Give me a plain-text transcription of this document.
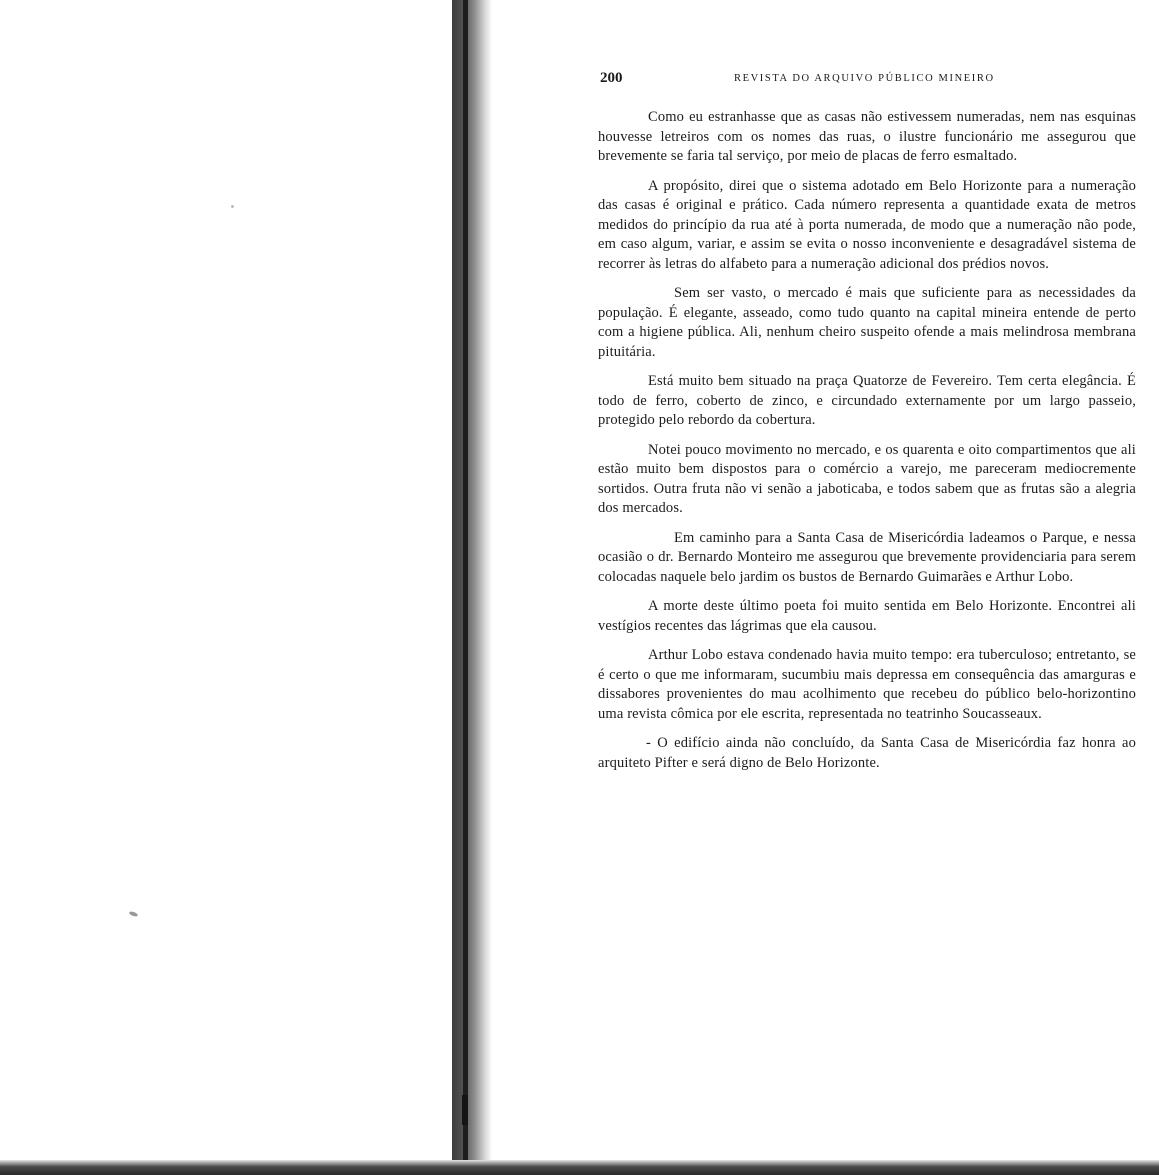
200	REVISTA DO ARQUIVO PÚBLICO MINEIRO

Como eu estranhasse que as casas não estivessem numeradas, nem nas esquinas houvesse letreiros com os nomes das ruas, o ilustre funcionário me assegurou que brevemente se faria tal serviço, por meio de placas de ferro esmaltado.

A propósito, direi que o sistema adotado em Belo Horizonte para a numeração das casas é original e prático. Cada número representa a quantidade exata de metros medidos do princípio da rua até à porta numerada, de modo que a numeração não pode, em caso algum, variar, e assim se evita o nosso inconveniente e desagradável sistema de recorrer às letras do alfabeto para a numeração adicional dos prédios novos.

Sem ser vasto, o mercado é mais que suficiente para as necessidades da população. É elegante, asseado, como tudo quanto na capital mineira entende de perto com a higiene pública. Ali, nenhum cheiro suspeito ofende a mais melindrosa membrana pituitária.

Está muito bem situado na praça Quatorze de Fevereiro. Tem certa elegância. É todo de ferro, coberto de zinco, e circundado externamente por um largo passeio, protegido pelo rebordo da cobertura.

Notei pouco movimento no mercado, e os quarenta e oito compartimentos que ali estão muito bem dispostos para o comércio a varejo, me pareceram mediocremente sortidos. Outra fruta não vi senão a jaboticaba, e todos sabem que as frutas são a alegria dos mercados.

Em caminho para a Santa Casa de Misericórdia ladeamos o Parque, e nessa ocasião o dr. Bernardo Monteiro me assegurou que brevemente providenciaria para serem colocadas naquele belo jardim os bustos de Bernardo Guimarães e Arthur Lobo.

A morte deste último poeta foi muito sentida em Belo Horizonte. Encontrei ali vestígios recentes das lágrimas que ela causou.

Arthur Lobo estava condenado havia muito tempo: era tuberculoso; entretanto, se é certo o que me informaram, sucumbiu mais depressa em consequência das amarguras e dissabores provenientes do mau acolhimento que recebeu do público belo-horizontino uma revista cômica por ele escrita, representada no teatrinho Soucasseaux.

- O edifício ainda não concluído, da Santa Casa de Misericórdia faz honra ao arquiteto Pifter e será digno de Belo Horizonte.
